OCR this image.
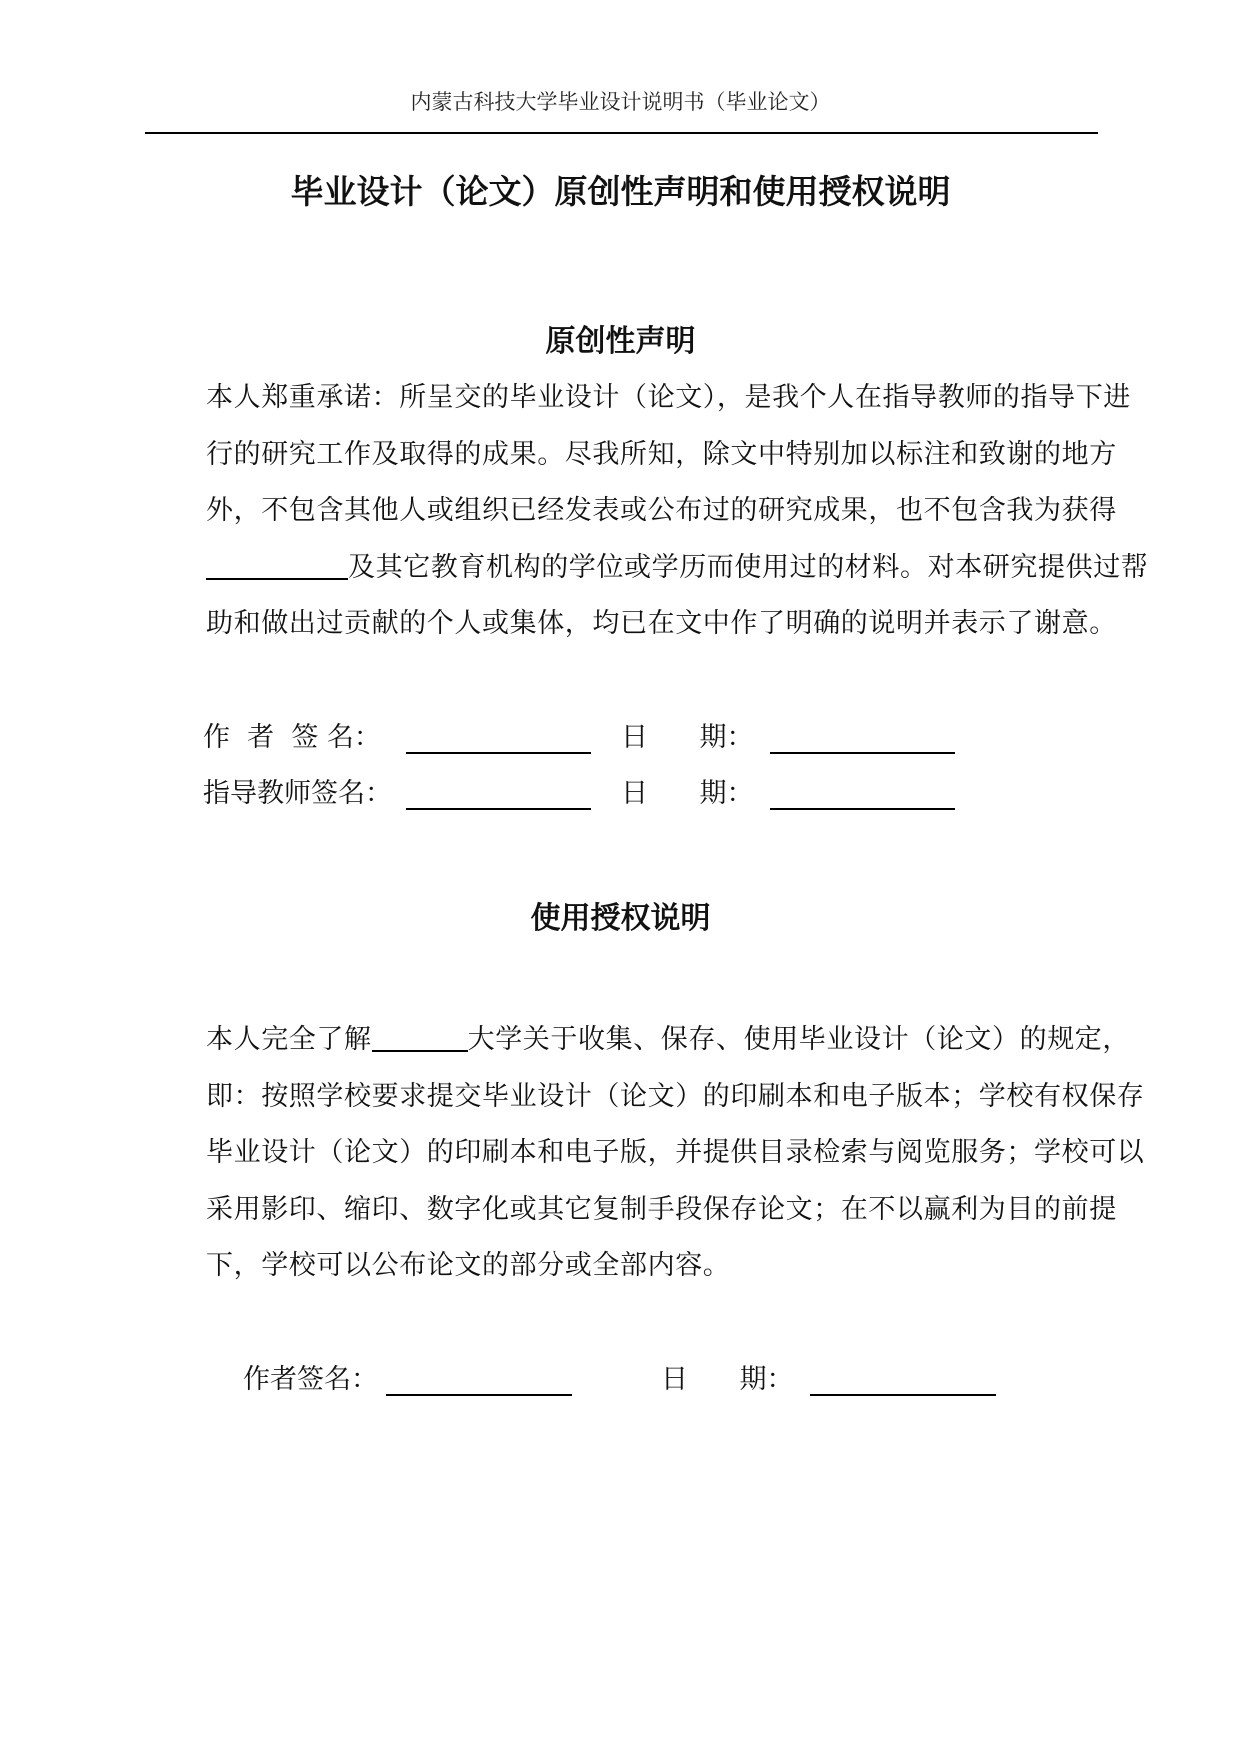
内蒙古科技大学毕业设计说明书（毕业论文）
毕业设计（论文）原创性声明和使用授权说明
原创性声明
本人郑重承诺：所呈交的毕业设计（论文），是我个人在指导教师的指导下进行的研究工作及取得的成果。尽我所知，除文中特别加以标注和致谢的地方外，不包含其他人或组织已经发表或公布过的研究成果，也不包含我为获得及其它教育机构的学位或学历而使用过的材料。对本研究提供过帮助和做出过贡献的个人或集体，均已在文中作了明确的说明并表示了谢意。
作  者  签 名：	日      期：
指导教师签名：	日      期：
使用授权说明
本人完全了解	大学关于收集、保存、使用毕业设计（论文）的规定，即：按照学校要求提交毕业设计（论文）的印刷本和电子版本；学校有权保存毕业设计（论文）的印刷本和电子版，并提供目录检索与阅览服务；学校可以采用影印、缩印、数字化或其它复制手段保存论文；在不以赢利为目的前提下，学校可以公布论文的部分或全部内容。
作者签名：	日      期：
